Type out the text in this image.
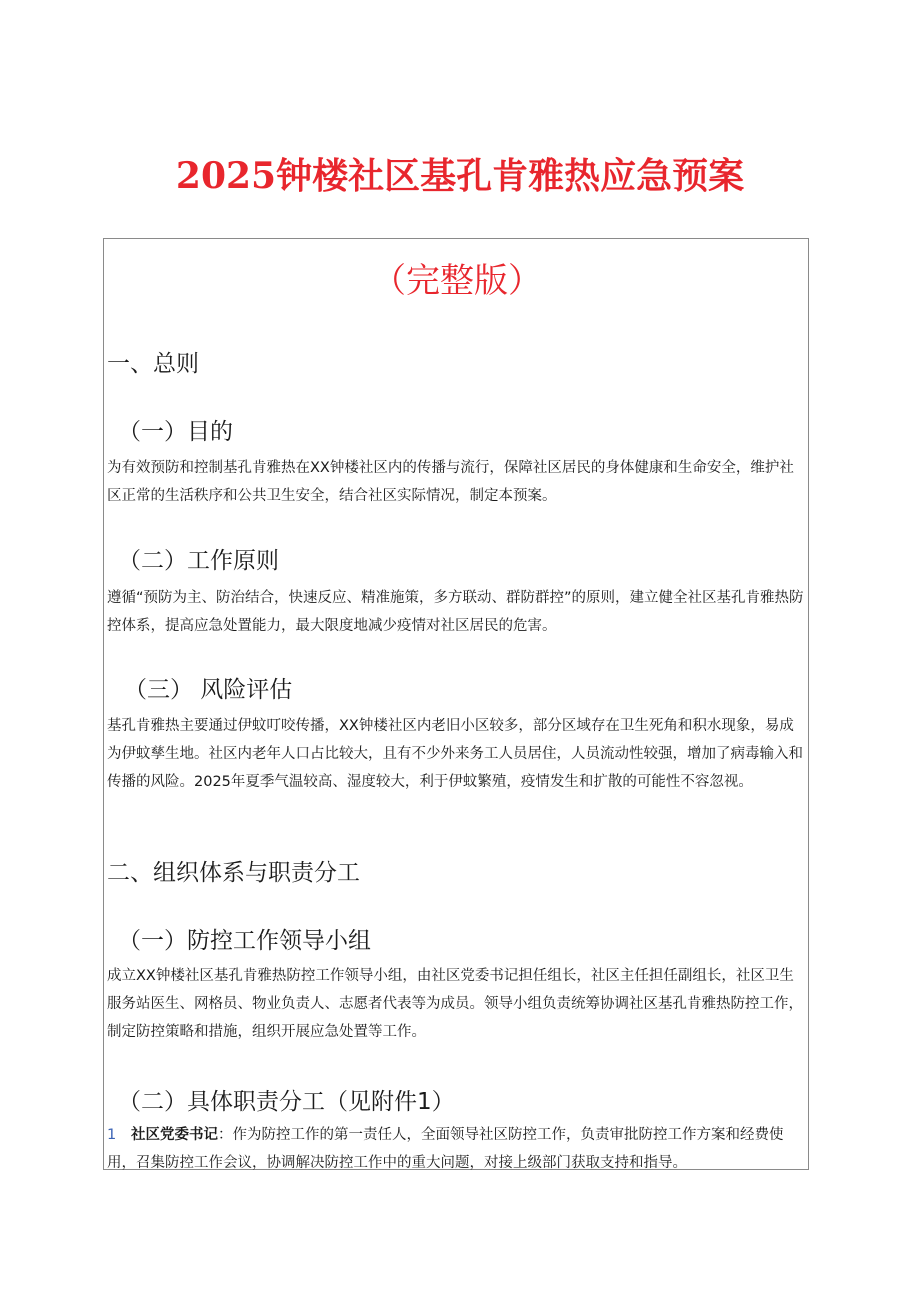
2025钟楼社区基孔肯雅热应急预案
（完整版）
一、总则
（一）目的
为有效预防和控制基孔肯雅热在XX钟楼社区内的传播与流行，保障社区居民的身体健康和生命安全，维护社区正常的生活秩序和公共卫生安全，结合社区实际情况，制定本预案。
（二）工作原则
遵循“预防为主、防治结合，快速反应、精准施策，多方联动、群防群控”的原则，建立健全社区基孔肯雅热防控体系，提高应急处置能力，最大限度地减少疫情对社区居民的危害。
（三） 风险评估
基孔肯雅热主要通过伊蚊叮咬传播，XX钟楼社区内老旧小区较多，部分区域存在卫生死角和积水现象，易成为伊蚊孳生地。社区内老年人口占比较大，且有不少外来务工人员居住，人员流动性较强，增加了病毒输入和传播的风险。2025年夏季气温较高、湿度较大，利于伊蚊繁殖，疫情发生和扩散的可能性不容忽视。
二、组织体系与职责分工
（一）防控工作领导小组
成立XX钟楼社区基孔肯雅热防控工作领导小组，由社区党委书记担任组长，社区主任担任副组长，社区卫生服务站医生、网格员、物业负责人、志愿者代表等为成员。领导小组负责统筹协调社区基孔肯雅热防控工作，制定防控策略和措施，组织开展应急处置等工作。
（二）具体职责分工（见附件1）
1 社区党委书记：作为防控工作的第一责任人，全面领导社区防控工作，负责审批防控工作方案和经费使用，召集防控工作会议，协调解决防控工作中的重大问题，对接上级部门获取支持和指导。
